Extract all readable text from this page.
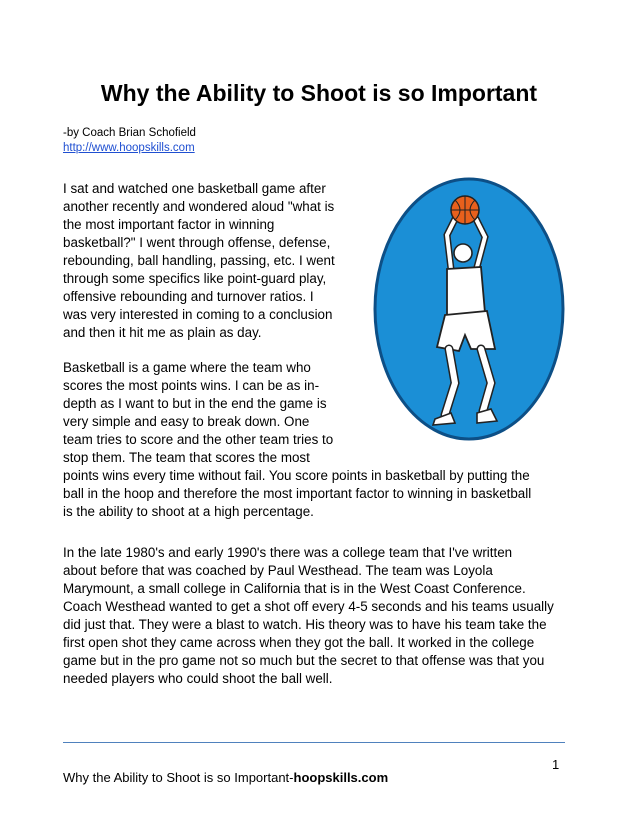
Why the Ability to Shoot is so Important
-by Coach Brian Schofield
http://www.hoopskills.com
I sat and watched one basketball game after
another recently and wondered aloud "what is
the most important factor in winning
basketball?" I went through offense, defense,
rebounding, ball handling, passing, etc. I went
through some specifics like point-guard play,
offensive rebounding and turnover ratios. I
was very interested in coming to a conclusion
and then it hit me as plain as day.
Basketball is a game where the team who
scores the most points wins. I can be as in-
depth as I want to but in the end the game is
very simple and easy to break down. One
team tries to score and the other team tries to
stop them. The team that scores the most
points wins every time without fail. You score points in basketball by putting the
ball in the hoop and therefore the most important factor to winning in basketball
is the ability to shoot at a high percentage.
In the late 1980's and early 1990's there was a college team that I've written
about before that was coached by Paul Westhead. The team was Loyola
Marymount, a small college in California that is in the West Coast Conference.
Coach Westhead wanted to get a shot off every 4-5 seconds and his teams usually
did just that. They were a blast to watch. His theory was to have his team take the
first open shot they came across when they got the ball. It worked in the college
game but in the pro game not so much but the secret to that offense was that you
needed players who could shoot the ball well.
1
Why the Ability to Shoot is so Important-hoopskills.com
